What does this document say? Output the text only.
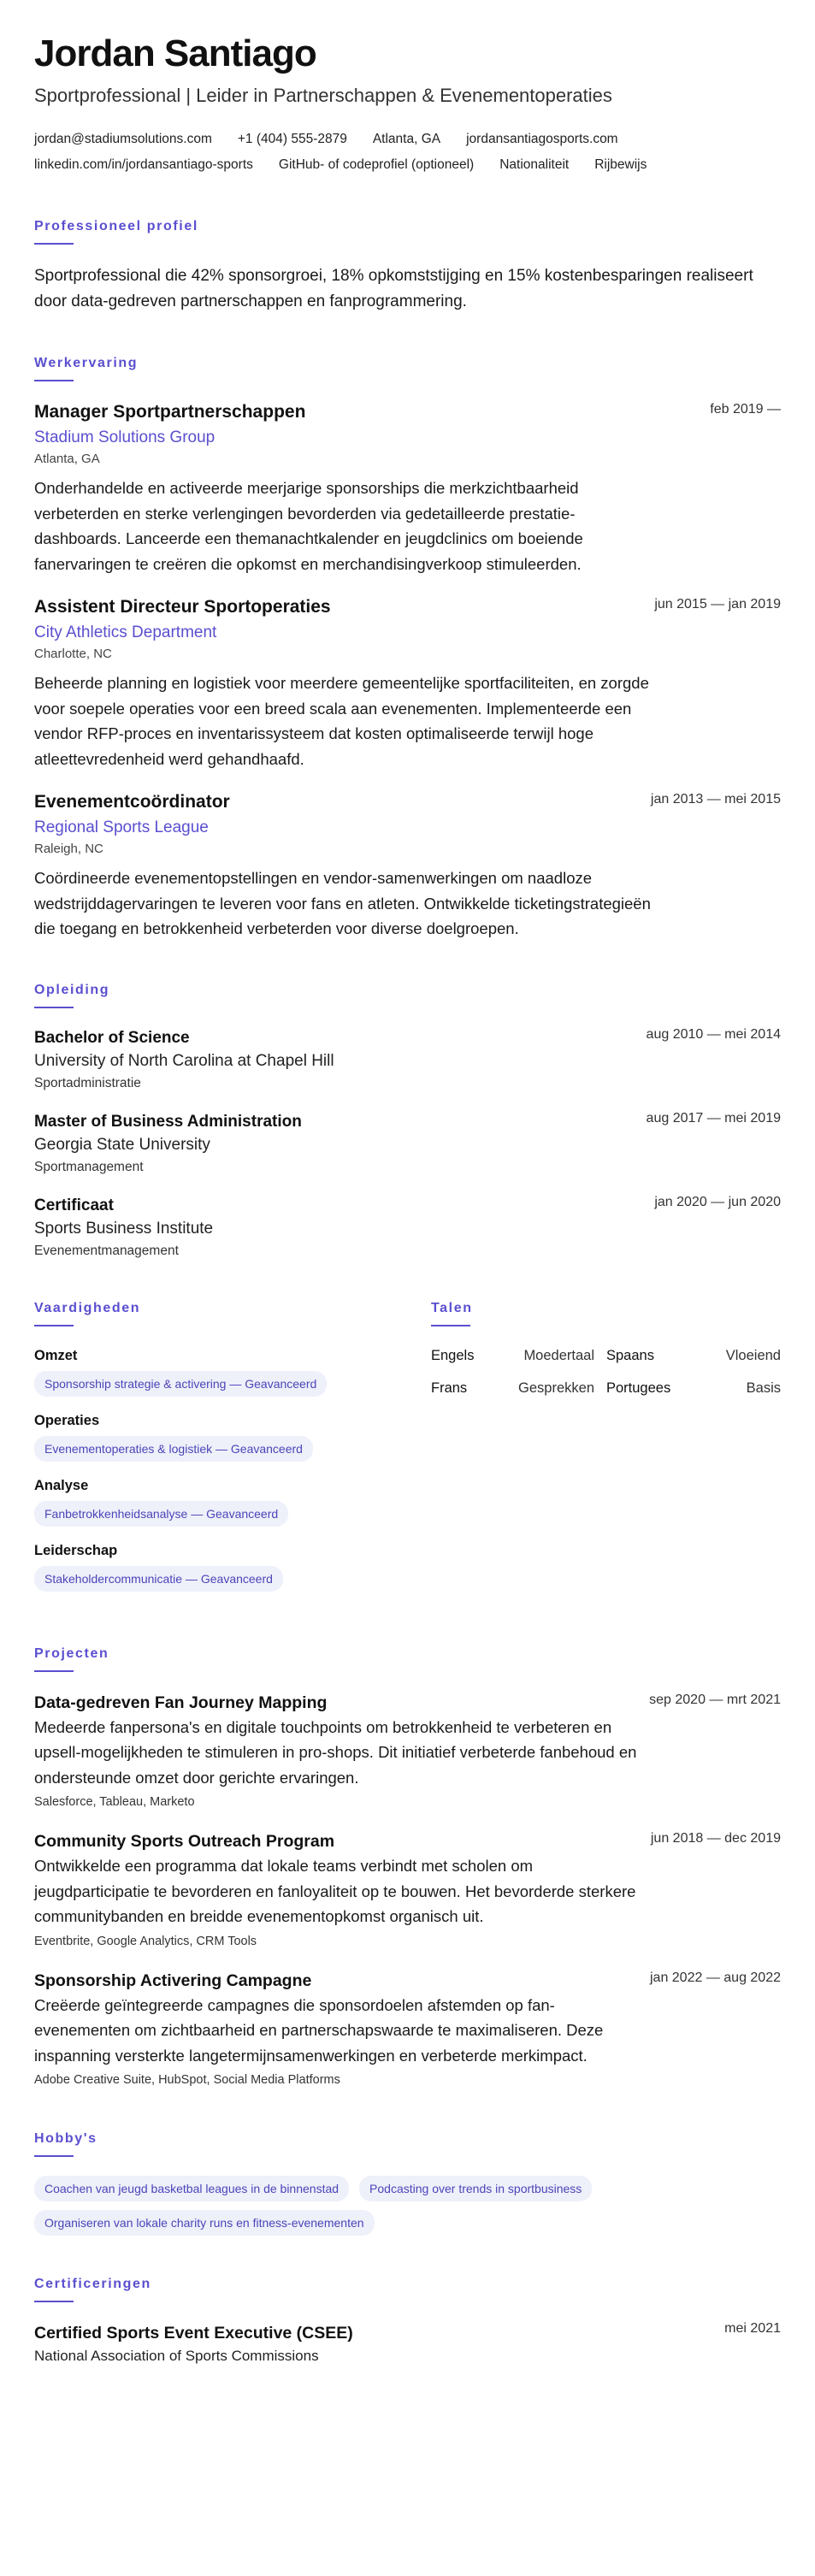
Jordan Santiago
Sportprofessional | Leider in Partnerschappen & Evenementoperaties
jordan@stadiumsolutions.com +1 (404) 555-2879 Atlanta, GA jordansantiagosports.com
linkedin.com/in/jordansantiago-sports GitHub- of codeprofiel (optioneel) Nationaliteit Rijbewijs
Professioneel profiel
Sportprofessional die 42% sponsorgroei, 18% opkomststijging en 15% kostenbesparingen realiseert door data-gedreven partnerschappen en fanprogrammering.
Werkervaring
Manager Sportpartnerschappen	feb 2019 —
Stadium Solutions Group
Atlanta, GA
Onderhandelde en activeerde meerjarige sponsorships die merkzichtbaarheid verbeterden en sterke verlengingen bevorderden via gedetailleerde prestatie-dashboards. Lanceerde een themanachtkalender en jeugdclinics om boeiende fanervaringen te creëren die opkomst en merchandisingverkoop stimuleerden.
Assistent Directeur Sportoperaties	jun 2015 — jan 2019
City Athletics Department
Charlotte, NC
Beheerde planning en logistiek voor meerdere gemeentelijke sportfaciliteiten, en zorgde voor soepele operaties voor een breed scala aan evenementen. Implementeerde een vendor RFP-proces en inventarissysteem dat kosten optimaliseerde terwijl hoge atleettevredenheid werd gehandhaafd.
Evenementcoördinator	jan 2013 — mei 2015
Regional Sports League
Raleigh, NC
Coördineerde evenementopstellingen en vendor-samenwerkingen om naadloze wedstrijddagervaringen te leveren voor fans en atleten. Ontwikkelde ticketingstrategieën die toegang en betrokkenheid verbeterden voor diverse doelgroepen.
Opleiding
Bachelor of Science	aug 2010 — mei 2014
University of North Carolina at Chapel Hill
Sportadministratie
Master of Business Administration	aug 2017 — mei 2019
Georgia State University
Sportmanagement
Certificaat	jan 2020 — jun 2020
Sports Business Institute
Evenementmanagement
Vaardigheden
Omzet
Sponsorship strategie & activering — Geavanceerd
Operaties
Evenementoperaties & logistiek — Geavanceerd
Analyse
Fanbetrokkenheidsanalyse — Geavanceerd
Leiderschap
Stakeholdercommunicatie — Geavanceerd
Talen
Engels	Moedertaal Spaans	Vloeiend
Frans	Gesprekken Portugees	Basis
Projecten
Data-gedreven Fan Journey Mapping	sep 2020 — mrt 2021
Medeerde fanpersona's en digitale touchpoints om betrokkenheid te verbeteren en upsell-mogelijkheden te stimuleren in pro-shops. Dit initiatief verbeterde fanbehoud en ondersteunde omzet door gerichte ervaringen.
Salesforce, Tableau, Marketo
Community Sports Outreach Program	jun 2018 — dec 2019
Ontwikkelde een programma dat lokale teams verbindt met scholen om jeugdparticipatie te bevorderen en fanloyaliteit op te bouwen. Het bevorderde sterkere communitybanden en breidde evenementopkomst organisch uit.
Eventbrite, Google Analytics, CRM Tools
Sponsorship Activering Campagne	jan 2022 — aug 2022
Creëerde geïntegreerde campagnes die sponsordoelen afstemden op fan-evenementen om zichtbaarheid en partnerschapswaarde te maximaliseren. Deze inspanning versterkte langetermijnsamenwerkingen en verbeterde merkimpact.
Adobe Creative Suite, HubSpot, Social Media Platforms
Hobby's
Coachen van jeugd basketbal leagues in de binnenstad	Podcasting over trends in sportbusiness
Organiseren van lokale charity runs en fitness-evenementen
Certificeringen
Certified Sports Event Executive (CSEE)	mei 2021
National Association of Sports Commissions
